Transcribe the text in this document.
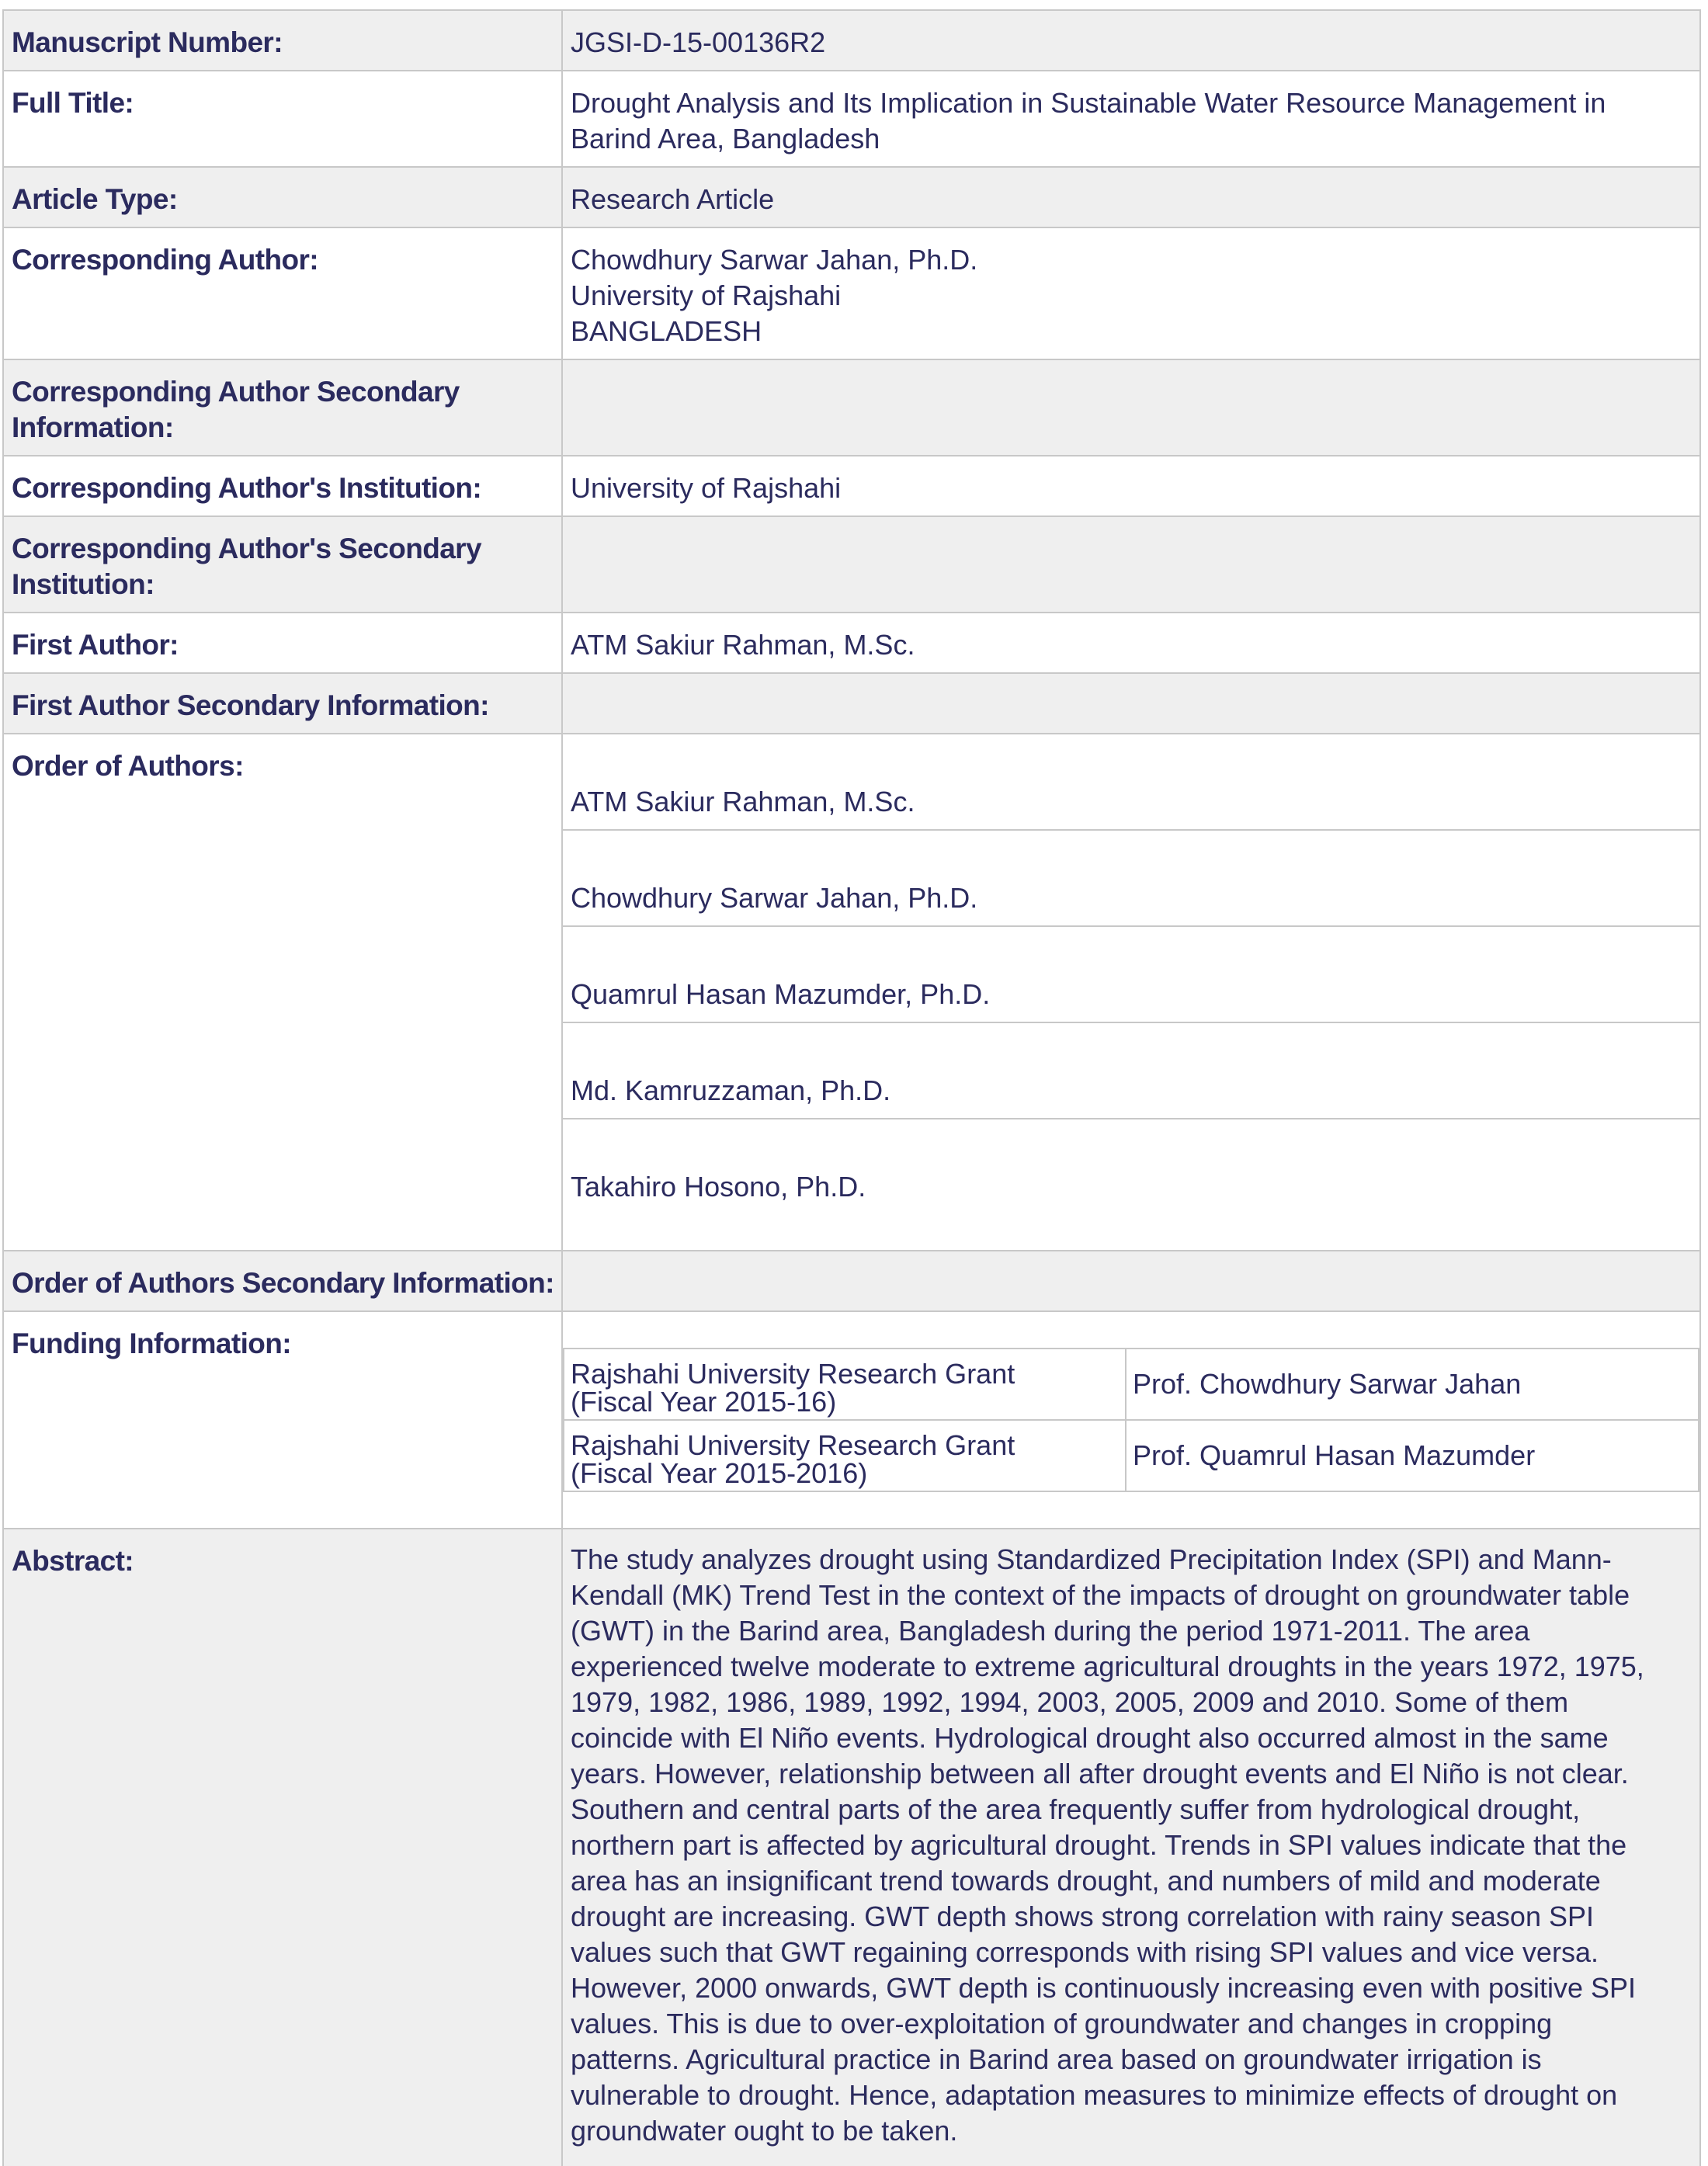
Manuscript Number:	JGSI-D-15-00136R2
Full Title:	Drought Analysis and Its Implication in Sustainable Water Resource Management in
Barind Area, Bangladesh
Article Type:	Research Article
Corresponding Author:	Chowdhury Sarwar Jahan, Ph.D.
University of Rajshahi
BANGLADESH
Corresponding Author Secondary
Information:
Corresponding Author's Institution:	University of Rajshahi
Corresponding Author's Secondary
Institution:
First Author:	ATM Sakiur Rahman, M.Sc.
First Author Secondary Information:
Order of Authors:

ATM Sakiur Rahman, M.Sc.

Chowdhury Sarwar Jahan, Ph.D.

Quamrul Hasan Mazumder, Ph.D.

Md. Kamruzzaman, Ph.D.

Takahiro Hosono, Ph.D.

Order of Authors Secondary Information:
Funding Information:

Rajshahi University Research Grant
(Fiscal Year 2015-16)
Prof. Chowdhury Sarwar Jahan
Rajshahi University Research Grant
(Fiscal Year 2015-2016)
Prof. Quamrul Hasan Mazumder

Abstract:	The study analyzes drought using Standardized Precipitation Index (SPI) and Mann-
Kendall (MK) Trend Test in the context of the impacts of drought on groundwater table
(GWT) in the Barind area, Bangladesh during the period 1971-2011. The area
experienced twelve moderate to extreme agricultural droughts in the years 1972, 1975,
1979, 1982, 1986, 1989, 1992, 1994, 2003, 2005, 2009 and 2010. Some of them
coincide with El Niño events. Hydrological drought also occurred almost in the same
years. However, relationship between all after drought events and El Niño is not clear.
Southern and central parts of the area frequently suffer from hydrological drought,
northern part is affected by agricultural drought. Trends in SPI values indicate that the
area has an insignificant trend towards drought, and numbers of mild and moderate
drought are increasing. GWT depth shows strong correlation with rainy season SPI
values such that GWT regaining corresponds with rising SPI values and vice versa.
However, 2000 onwards, GWT depth is continuously increasing even with positive SPI
values. This is due to over-exploitation of groundwater and changes in cropping
patterns. Agricultural practice in Barind area based on groundwater irrigation is
vulnerable to drought. Hence, adaptation measures to minimize effects of drought on
groundwater ought to be taken.
